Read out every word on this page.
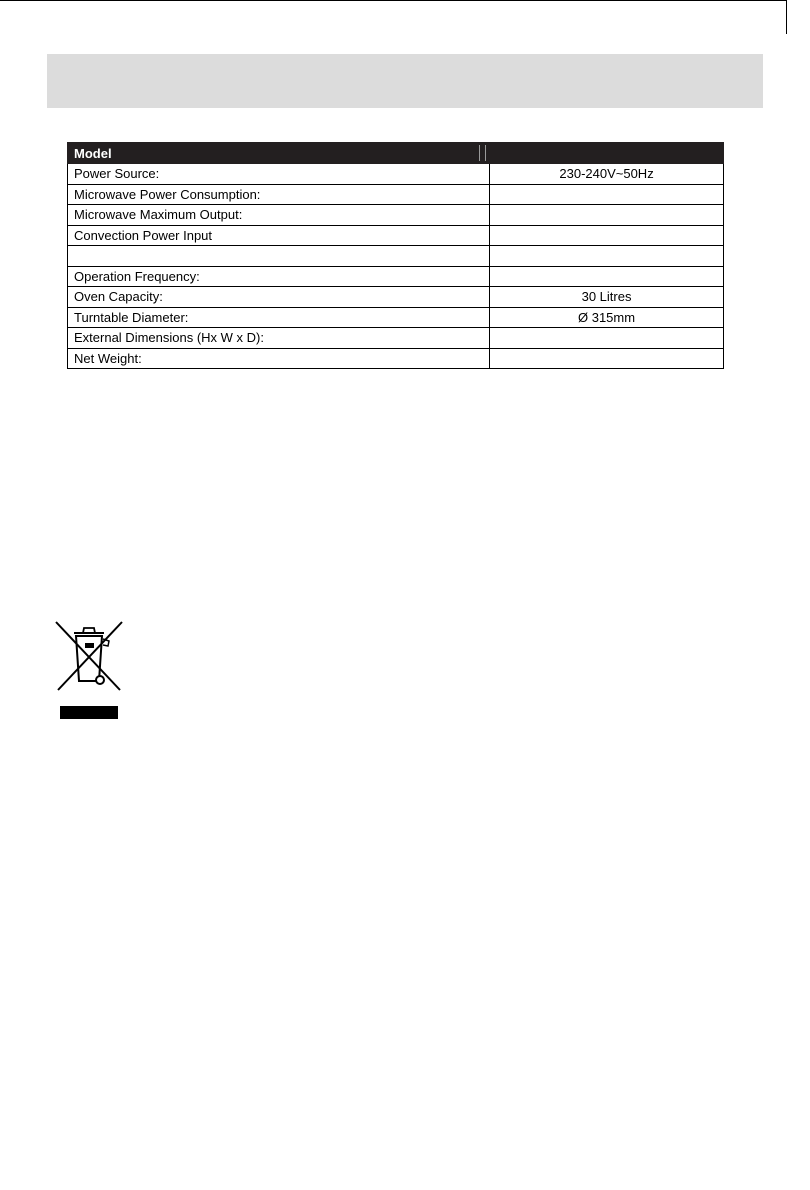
Model

Power Source:	230-240V~50Hz
Microwave Power Consumption:	
Microwave Maximum Output:	
Convection Power Input	

Operation Frequency:	
Oven Capacity:	30 Litres
Turntable Diameter:	Ø 315mm
External Dimensions (Hx W x D):	
Net Weight:	
